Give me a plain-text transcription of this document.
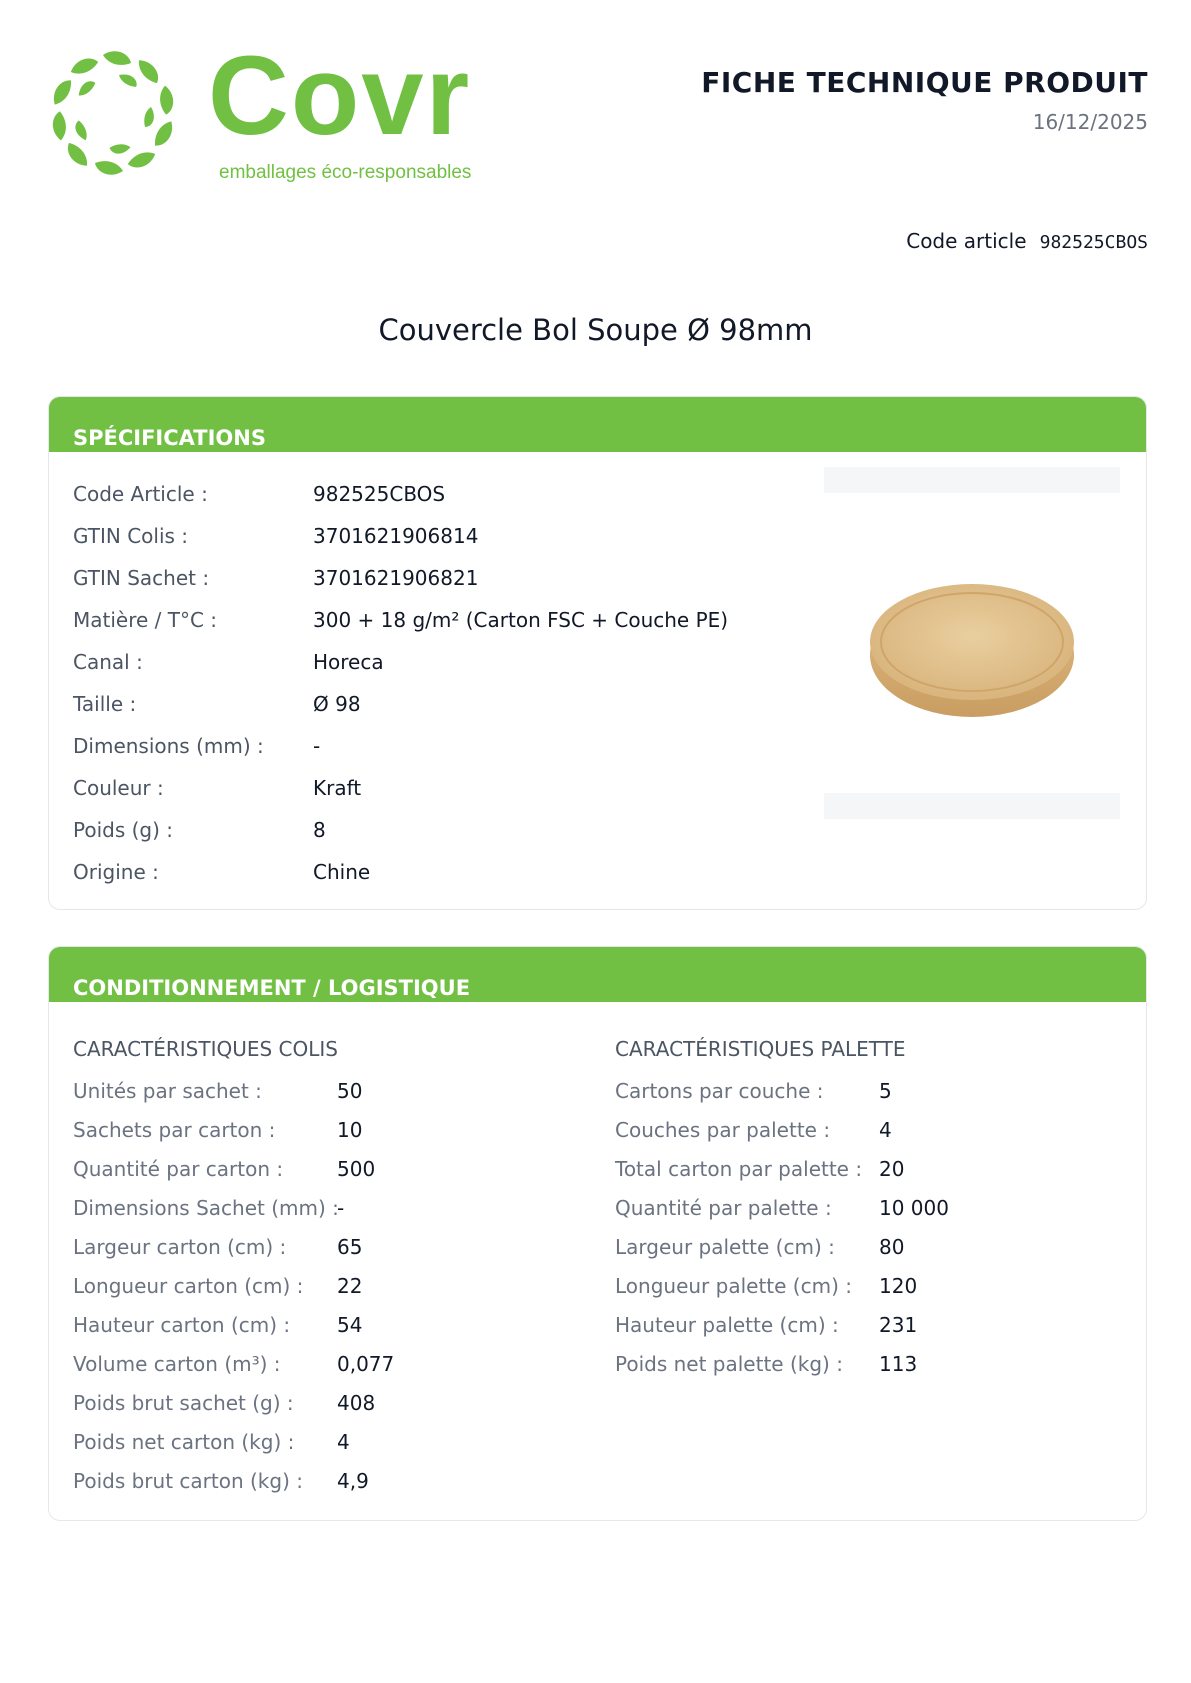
Covr
emballages éco-responsables
FICHE TECHNIQUE PRODUIT
16/12/2025
Code article 982525CBOS
Couvercle Bol Soupe Ø 98mm
SPÉCIFICATIONS
Code Article :	982525CBOS
GTIN Colis :	3701621906814
GTIN Sachet :	3701621906821
Matière / T°C :	300 + 18 g/m² (Carton FSC + Couche PE)
Canal :	Horeca
Taille :	Ø 98
Dimensions (mm) : -
Couleur :	Kraft
Poids (g) :	8
Origine :	Chine
CONDITIONNEMENT / LOGISTIQUE
CARACTÉRISTIQUES COLIS
Unités par sachet :	50
Sachets par carton :	10
Quantité par carton :	500
Dimensions Sachet (mm) :
-
Largeur carton (cm) :	65
Longueur carton (cm) : 22
Hauteur carton (cm) : 54
Volume carton (m³) :	0,077
Poids brut sachet (g) : 408
Poids net carton (kg) : 4
Poids brut carton (kg) : 4,9
CARACTÉRISTIQUES PALETTE
Cartons par couche :	5
Couches par palette : 4
Total carton par palette : 20
Quantité par palette : 10 000
Largeur palette (cm) : 80
Longueur palette (cm) : 120
Hauteur palette (cm) : 231
Poids net palette (kg) : 113
